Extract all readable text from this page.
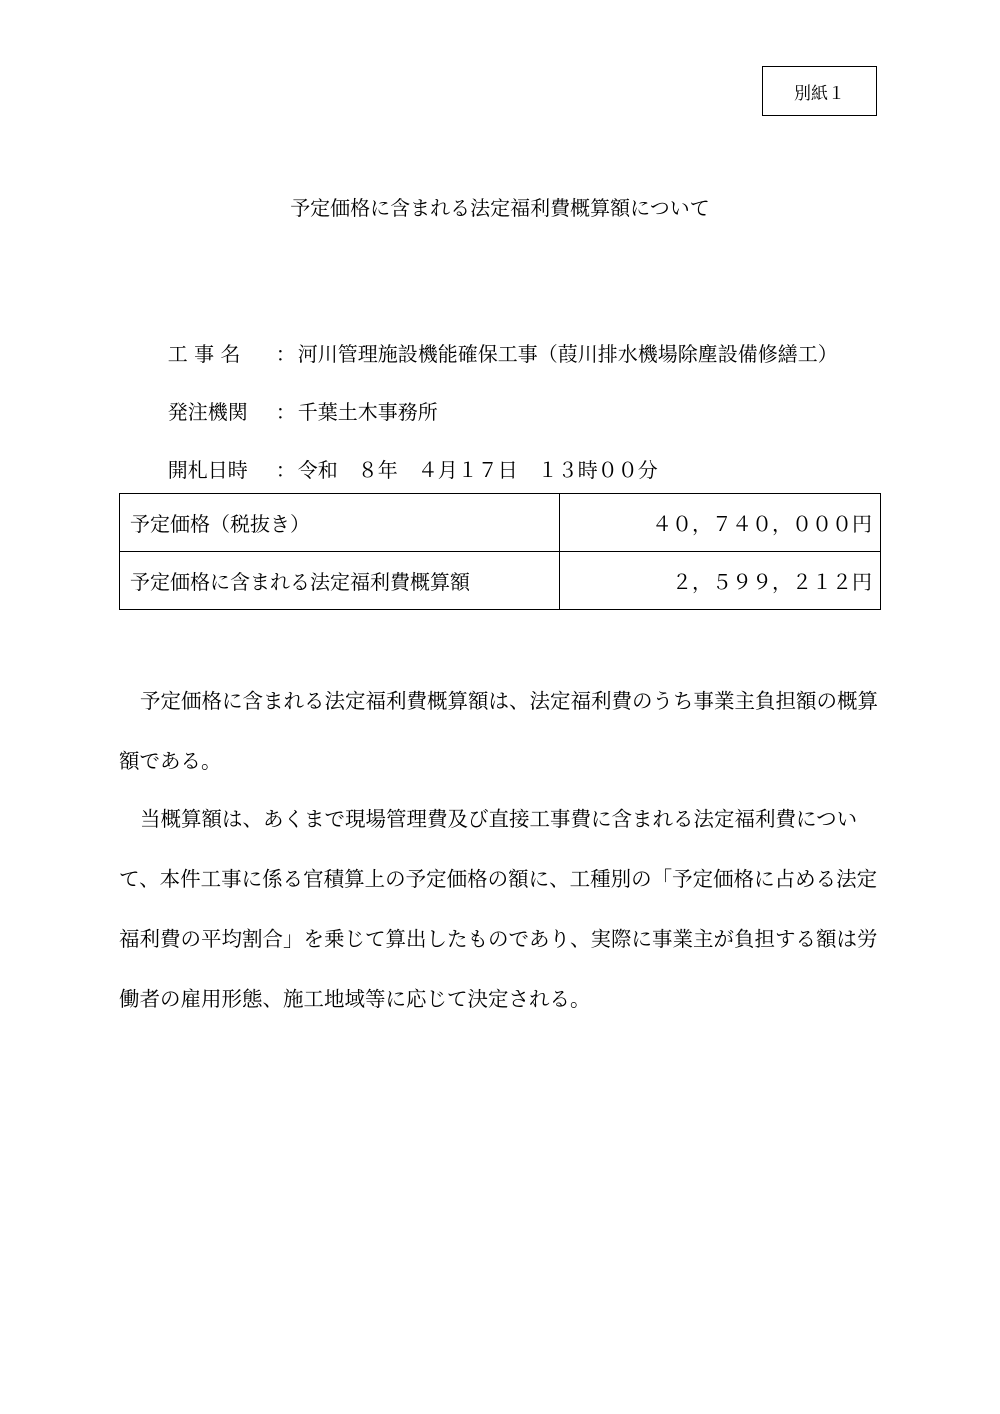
別紙１
予定価格に含まれる法定福利費概算額について

工 事 名 ： 河川管理施設機能確保工事（葭川排水機場除塵設備修繕工）

発注機関 ： 千葉土木事務所

開札日時 ： 令和　８年　４月１７日　１３時００分

予定価格（税抜き）	４０，７４０，０００円
予定価格に含まれる法定福利費概算額	２，５９９，２１２円

予定価格に含まれる法定福利費概算額は、法定福利費のうち事業主負担額の概算額である。

当概算額は、あくまで現場管理費及び直接工事費に含まれる法定福利費について、本件工事に係る官積算上の予定価格の額に、工種別の「予定価格に占める法定福利費の平均割合」を乗じて算出したものであり、実際に事業主が負担する額は労働者の雇用形態、施工地域等に応じて決定される。
